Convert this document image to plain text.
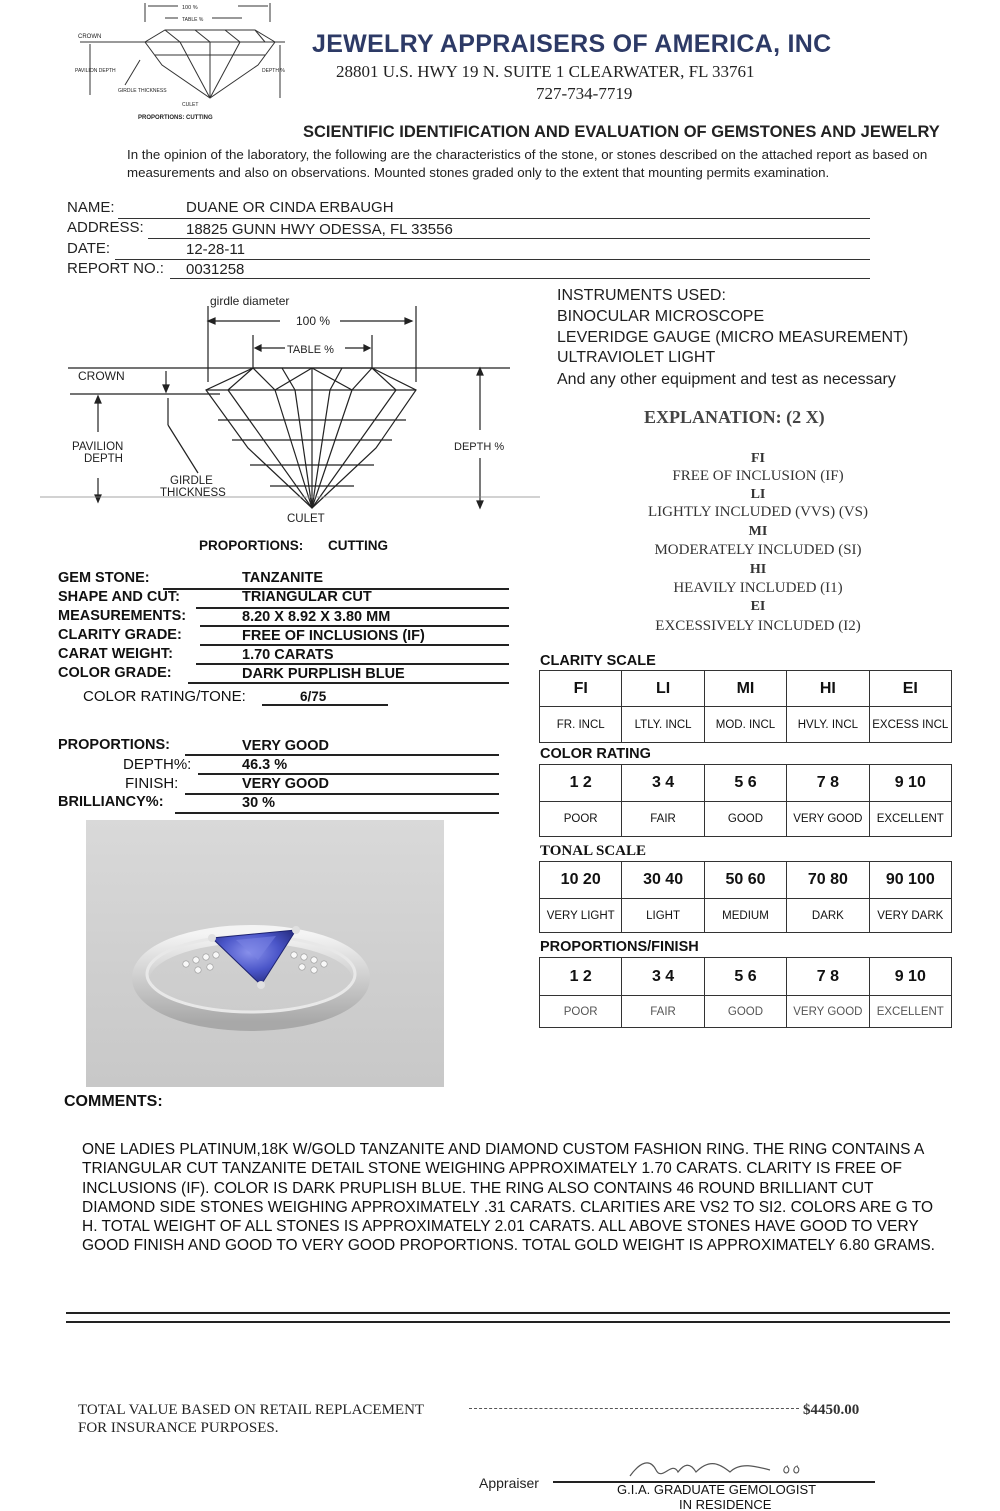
100 %
TABLE %
CROWN
PAVILION DEPTH
GIRDLE THICKNESS
DEPTH %
CULET
PROPORTIONS: CUTTING
JEWELRY APPRAISERS OF AMERICA, INC
28801 U.S. HWY 19 N. SUITE 1 CLEARWATER, FL 33761
727-734-7719
SCIENTIFIC IDENTIFICATION AND EVALUATION OF GEMSTONES AND JEWELRY
In the opinion of the laboratory, the following are the characteristics of the stone, or stones described on the attached report as based on measurements and also on observations. Mounted stones graded only to the extent that mounting permits examination.
NAME:	DUANE OR CINDA ERBAUGH
ADDRESS:	18825 GUNN HWY ODESSA, FL 33556
DATE:	12-28-11
REPORT NO.: 0031258
girdle diameter
100 %
TABLE %
CROWN
PAVILION
DEPTH
GIRDLE
THICKNESS
DEPTH %
CULET
PROPORTIONS: CUTTING
INSTRUMENTS USED:
BINOCULAR MICROSCOPE
LEVERIDGE GAUGE (MICRO MEASUREMENT)
ULTRAVIOLET LIGHT
And any other equipment and test as necessary
EXPLANATION: (2 X)
FI
FREE OF INCLUSION (IF)
LI
LIGHTLY INCLUDED (VVS) (VS)
MI
MODERATELY INCLUDED (SI)
HI
HEAVILY INCLUDED (I1)
EI
EXCESSIVELY INCLUDED (I2)
GEM STONE:	TANZANITE
SHAPE AND CUT:	TRIANGULAR CUT
MEASUREMENTS:	8.20 X 8.92 X 3.80 MM
CLARITY GRADE:	FREE OF INCLUSIONS (IF)
CARAT WEIGHT:	1.70 CARATS
COLOR GRADE:	DARK PURPLISH BLUE
COLOR RATING/TONE:	6/75
PROPORTIONS:	VERY GOOD
DEPTH%:	46.3 %
FINISH:	VERY GOOD
BRILLIANCY%:	30 %
CLARITY SCALE
FI	LI	MI	HI	EI
FR. INCL	LTLY. INCL	MOD. INCL	HVLY. INCL	EXCESS INCL
COLOR RATING
1 2	3 4	5 6	7 8	9 10
POOR	FAIR	GOOD	VERY GOOD	EXCELLENT
TONAL SCALE
10 20	30 40	50 60	70 80	90 100
VERY LIGHT	LIGHT	MEDIUM	DARK	VERY DARK
PROPORTIONS/FINISH
1 2	3 4	5 6	7 8	9 10
POOR	FAIR	GOOD	VERY GOOD	EXCELLENT
COMMENTS:
ONE LADIES PLATINUM,18K W/GOLD TANZANITE AND DIAMOND CUSTOM FASHION RING. THE RING CONTAINS A TRIANGULAR CUT TANZANITE DETAIL STONE WEIGHING APPROXIMATELY 1.70 CARATS. CLARITY IS FREE OF INCLUSIONS (IF). COLOR IS DARK PRUPLISH BLUE. THE RING ALSO CONTAINS 46 ROUND BRILLIANT CUT DIAMOND SIDE STONES WEIGHING APPROXIMATELY .31 CARATS. CLARITIES ARE VS2 TO SI2. COLORS ARE G TO H. TOTAL WEIGHT OF ALL STONES IS APPROXIMATELY 2.01 CARATS. ALL ABOVE STONES HAVE GOOD TO VERY GOOD FINISH AND GOOD TO VERY GOOD PROPORTIONS. TOTAL GOLD WEIGHT IS APPROXIMATELY 6.80 GRAMS.
TOTAL VALUE BASED ON RETAIL REPLACEMENT	$4450.00
FOR INSURANCE PURPOSES.
Appraiser	G.I.A. GRADUATE GEMOLOGIST
IN RESIDENCE
